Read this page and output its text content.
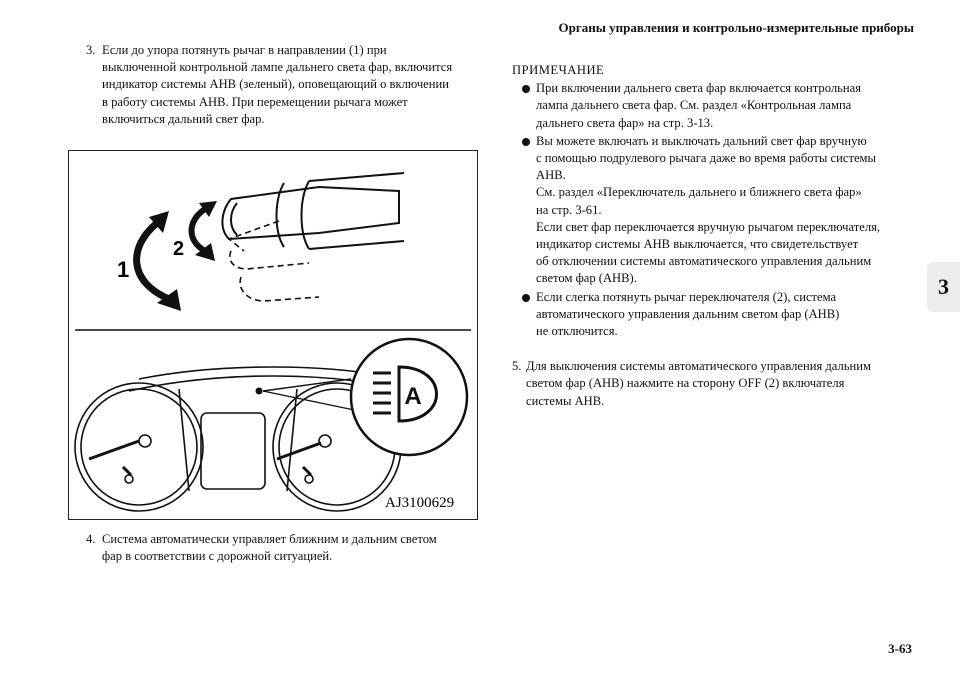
Органы управления и контрольно-измерительные приборы
3
3-63
3. Если до упора потянуть рычаг в направлении (1) при
выключенной контрольной лампе дальнего света фар, включится
индикатор системы AHB (зеленый), оповещающий о включении
в работу системы AHB. При перемещении рычага может
включиться дальний свет фар.
1
2
A
AJ3100629
4. Система автоматически управляет ближним и дальним светом
фар в соответствии с дорожной ситуацией.
ПРИМЕЧАНИЕ
При включении дальнего света фар включается контрольная
лампа дальнего света фар. См. раздел «Контрольная лампа
дальнего света фар» на стр. 3-13.
Вы можете включать и выключать дальний свет фар вручную
с помощью подрулевого рычага даже во время работы системы
AHB.
См. раздел «Переключатель дальнего и ближнего света фар»
на стр. 3-61.
Если свет фар переключается вручную рычагом переключателя,
индикатор системы AHB выключается, что свидетельствует
об отключении системы автоматического управления дальним
светом фар (AHB).
Если слегка потянуть рычаг переключателя (2), система
автоматического управления дальним светом фар (AHB)
не отключится.
5. Для выключения системы автоматического управления дальним
светом фар (AHB) нажмите на сторону OFF (2) включателя
системы AHB.
